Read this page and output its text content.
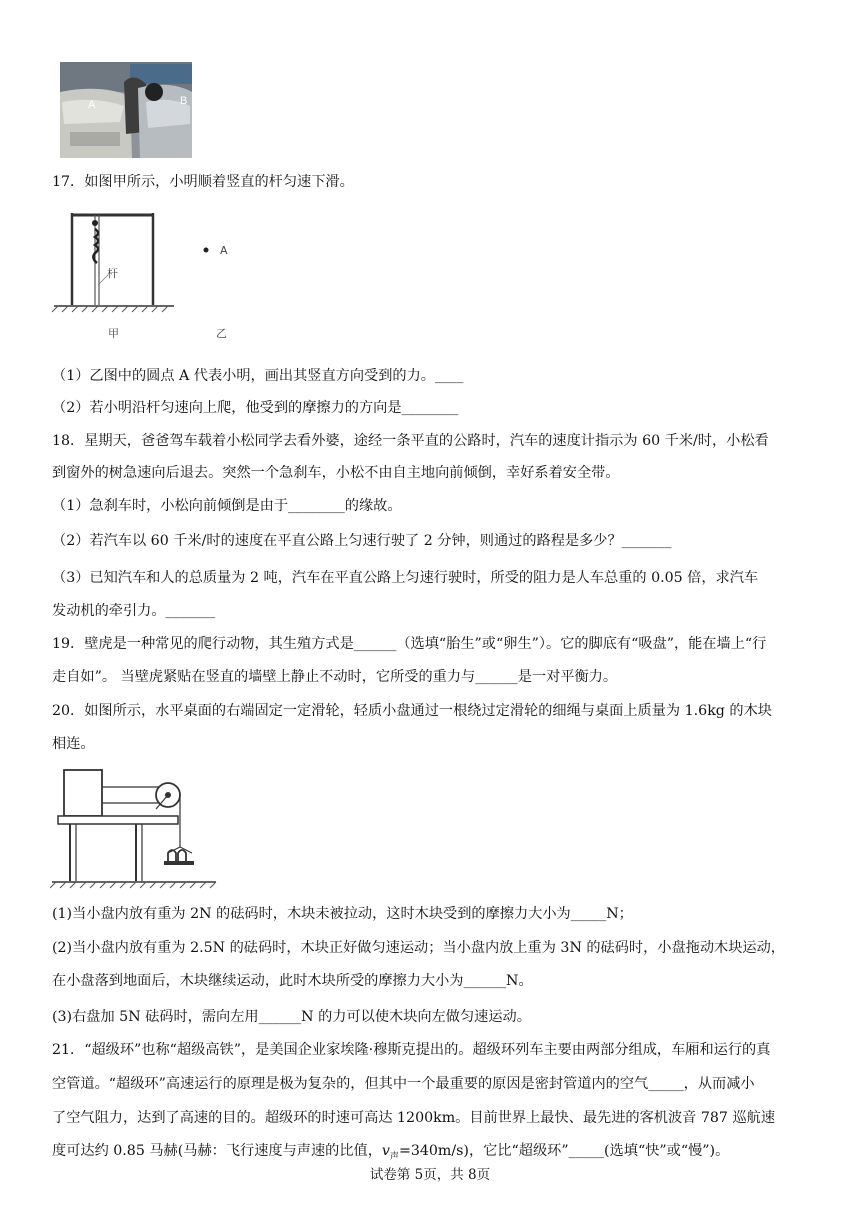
A	B
17．如图甲所示，小明顺着竖直的杆匀速下滑。
杆
甲
A
乙
（1）乙图中的圆点 A 代表小明，画出其竖直方向受到的力。____
（2）若小明沿杆匀速向上爬，他受到的摩擦力的方向是________
18．星期天，爸爸驾车载着小松同学去看外婆，途经一条平直的公路时，汽车的速度计指示为 60 千米/时，小松看
到窗外的树急速向后退去。突然一个急刹车，小松不由自主地向前倾倒，幸好系着安全带。
（1）急刹车时，小松向前倾倒是由于________的缘故。
（2）若汽车以 60 千米/时的速度在平直公路上匀速行驶了 2 分钟，则通过的路程是多少？_______
（3）已知汽车和人的总质量为 2 吨，汽车在平直公路上匀速行驶时，所受的阻力是人车总重的 0.05 倍，求汽车
发动机的牵引力。_______
19．壁虎是一种常见的爬行动物，其生殖方式是______（选填“胎生”或“卵生”）。它的脚底有“吸盘”，能在墙上“行
走自如”。 当壁虎紧贴在竖直的墙壁上静止不动时，它所受的重力与______是一对平衡力。
20．如图所示，水平桌面的右端固定一定滑轮，轻质小盘通过一根绕过定滑轮的细绳与桌面上质量为 1.6kg 的木块
相连。
(1)当小盘内放有重为 2N 的砝码时，木块未被拉动，这时木块受到的摩擦力大小为_____N；
(2)当小盘内放有重为 2.5N 的砝码时，木块正好做匀速运动；当小盘内放上重为 3N 的砝码时，小盘拖动木块运动，
在小盘落到地面后，木块继续运动，此时木块所受的摩擦力大小为______N。
(3)右盘加 5N 砝码时，需向左用______N 的力可以使木块向左做匀速运动。
21．“超级环”也称“超级高铁”，是美国企业家埃隆·穆斯克提出的。超级环列车主要由两部分组成，车厢和运行的真
空管道。“超级环”高速运行的原理是极为复杂的，但其中一个最重要的原因是密封管道内的空气_____，从而减小
了空气阻力，达到了高速的目的。超级环的时速可高达 1200km。目前世界上最快、最先进的客机波音 787 巡航速
度可达约 0.85 马赫(马赫：飞行速度与声速的比值，$v_声=340m/s$)，它比“超级环”_____(选填“快”或“慢”)。
试卷第 5页，共 8页
